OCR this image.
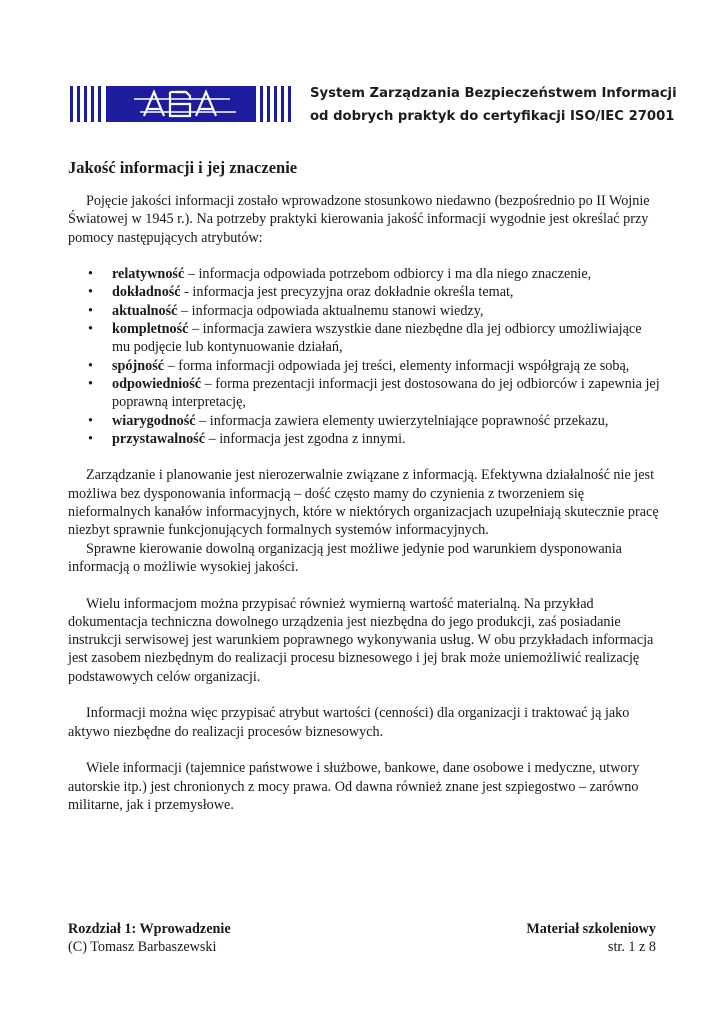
System Zarządzania Bezpieczeństwem Informacji
od dobrych praktyk do certyfikacji ISO/IEC 27001
Jakość informacji i jej znaczenie

Pojęcie jakości informacji zostało wprowadzone stosunkowo niedawno (bezpośrednio po II Wojnie Światowej w 1945 r.). Na potrzeby praktyki kierowania jakość informacji wygodnie jest określać przy pomocy następujących atrybutów:

• relatywność – informacja odpowiada potrzebom odbiorcy i ma dla niego znaczenie,
• dokładność - informacja jest precyzyjna oraz dokładnie określa temat,
• aktualność – informacja odpowiada aktualnemu stanowi wiedzy,
• kompletność – informacja zawiera wszystkie dane niezbędne dla jej odbiorcy umożliwiające mu podjęcie lub kontynuowanie działań,
• spójność – forma informacji odpowiada jej treści, elementy informacji współgrają ze sobą,
• odpowiedniość – forma prezentacji informacji jest dostosowana do jej odbiorców i zapewnia jej poprawną interpretację,
• wiarygodność – informacja zawiera elementy uwierzytelniające poprawność przekazu,
• przystawalność – informacja jest zgodna z innymi.

Zarządzanie i planowanie jest nierozerwalnie związane z informacją. Efektywna działalność nie jest możliwa bez dysponowania informacją – dość często mamy do czynienia z tworzeniem się nieformalnych kanałów informacyjnych, które w niektórych organizacjach uzupełniają skutecznie pracę niezbyt sprawnie funkcjonujących formalnych systemów informacyjnych.

Sprawne kierowanie dowolną organizacją jest możliwe jedynie pod warunkiem dysponowania informacją o możliwie wysokiej jakości.

Wielu informacjom można przypisać również wymierną wartość materialną. Na przykład dokumentacja techniczna dowolnego urządzenia jest niezbędna do jego produkcji, zaś posiadanie instrukcji serwisowej jest warunkiem poprawnego wykonywania usług. W obu przykładach informacja jest zasobem niezbędnym do realizacji procesu biznesowego i jej brak może uniemożliwić realizację podstawowych celów organizacji.

Informacji można więc przypisać atrybut wartości (cenności) dla organizacji i traktować ją jako aktywo niezbędne do realizacji procesów biznesowych.

Wiele informacji (tajemnice państwowe i służbowe, bankowe, dane osobowe i medyczne, utwory autorskie itp.) jest chronionych z mocy prawa. Od dawna również znane jest szpiegostwo – zarówno militarne, jak i przemysłowe.

Rozdział 1: Wprowadzenie	Materiał szkoleniowy
(C) Tomasz Barbaszewski	str. 1 z 8
